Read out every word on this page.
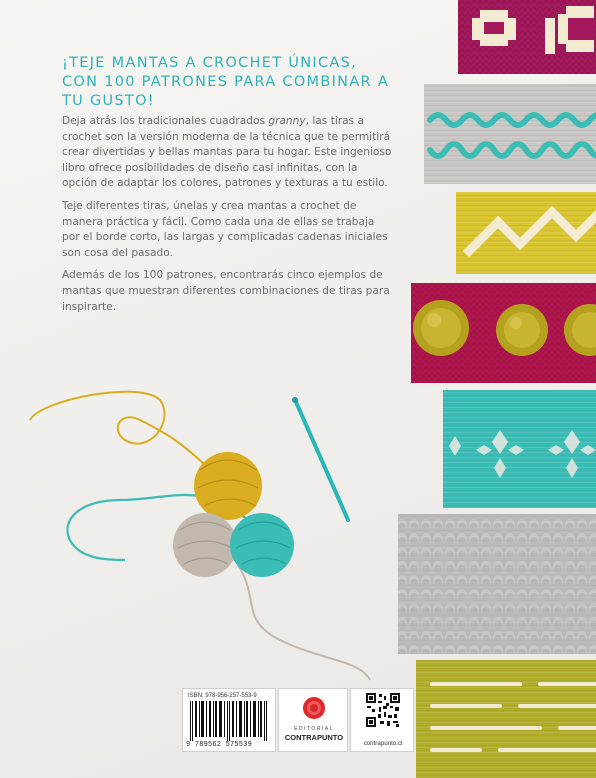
¡TEJE MANTAS A CROCHET ÚNICAS, CON 100 PATRONES PARA COMBINAR A TU GUSTO!

Deja atrás los tradicionales cuadrados granny, las tiras a crochet son la versión moderna de la técnica que te permitirá crear divertidas y bellas mantas para tu hogar. Este ingenioso libro ofrece posibilidades de diseño casi infinitas, con la opción de adaptar los colores, patrones y texturas a tu estilo.

Teje diferentes tiras, únelas y crea mantas a crochet de manera práctica y fácil. Como cada una de ellas se trabaja por el borde corto, las largas y complicadas cadenas iniciales son cosa del pasado.

Además de los 100 patrones, encontrarás cinco ejemplos de mantas que muestran diferentes combinaciones de tiras para inspirarte.

ISBN: 978-956-257-553-9
9 789562 575539
EDITORIAL
CONTRAPUNTO
contrapunto.cl
